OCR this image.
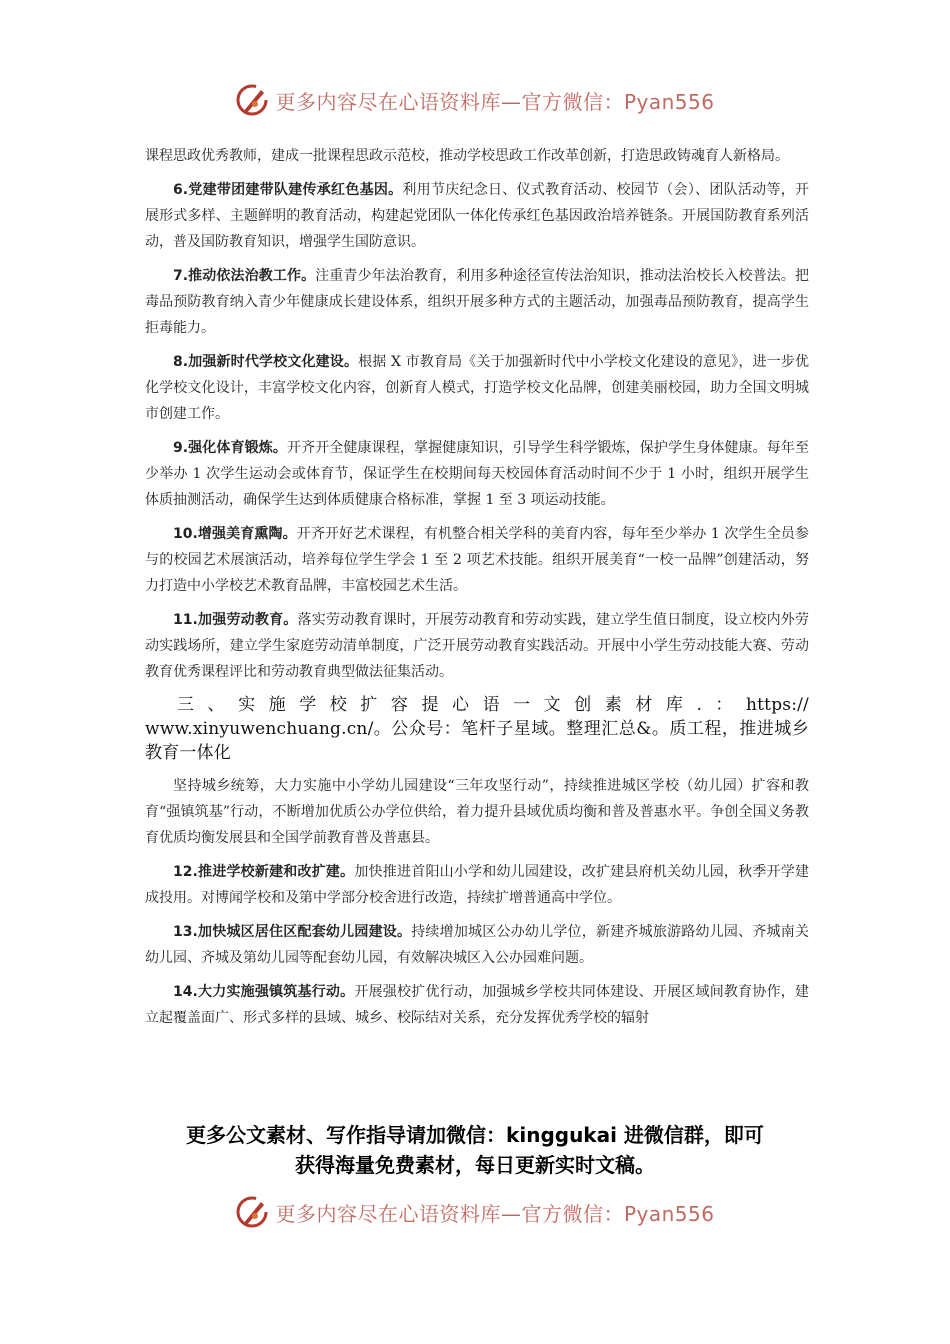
更多内容尽在心语资料库—官方微信：Pyan556

课程思政优秀教师，建成一批课程思政示范校，推动学校思政工作改革创新，打造思政铸魂育人新格局。

6.党建带团建带队建传承红色基因。利用节庆纪念日、仪式教育活动、校园节（会）、团队活动等，开展形式多样、主题鲜明的教育活动，构建起党团队一体化传承红色基因政治培养链条。开展国防教育系列活动，普及国防教育知识，增强学生国防意识。

7.推动依法治教工作。注重青少年法治教育，利用多种途径宣传法治知识，推动法治校长入校普法。把毒品预防教育纳入青少年健康成长建设体系，组织开展多种方式的主题活动，加强毒品预防教育，提高学生拒毒能力。

8.加强新时代学校文化建设。根据 X 市教育局《关于加强新时代中小学校文化建设的意见》，进一步优化学校文化设计，丰富学校文化内容，创新育人模式，打造学校文化品牌，创建美丽校园，助力全国文明城市创建工作。

9.强化体育锻炼。开齐开全健康课程，掌握健康知识，引导学生科学锻炼，保护学生身体健康。每年至少举办 1 次学生运动会或体育节，保证学生在校期间每天校园体育活动时间不少于 1 小时，组织开展学生体质抽测活动，确保学生达到体质健康合格标准，掌握 1 至 3 项运动技能。

10.增强美育熏陶。开齐开好艺术课程，有机整合相关学科的美育内容，每年至少举办 1 次学生全员参与的校园艺术展演活动，培养每位学生学会 1 至 2 项艺术技能。组织开展美育“一校一品牌”创建活动，努力打造中小学校艺术教育品牌，丰富校园艺术生活。

11.加强劳动教育。落实劳动教育课时，开展劳动教育和劳动实践，建立学生值日制度，设立校内外劳动实践场所，建立学生家庭劳动清单制度，广泛开展劳动教育实践活动。开展中小学生劳动技能大赛、劳动教育优秀课程评比和劳动教育典型做法征集活动。

三、实施学校扩容提心语一文创素材库.：https:// www.xinyuwenchuang.cn/。公众号：笔杆子星域。整理汇总&。质工程，推进城乡教育一体化

坚持城乡统筹，大力实施中小学幼儿园建设“三年攻坚行动”，持续推进城区学校（幼儿园）扩容和教育“强镇筑基”行动，不断增加优质公办学位供给，着力提升县域优质均衡和普及普惠水平。争创全国义务教育优质均衡发展县和全国学前教育普及普惠县。

12.推进学校新建和改扩建。加快推进首阳山小学和幼儿园建设，改扩建县府机关幼儿园，秋季开学建成投用。对博闻学校和及第中学部分校舍进行改造，持续扩增普通高中学位。

13.加快城区居住区配套幼儿园建设。持续增加城区公办幼儿学位，新建齐城旅游路幼儿园、齐城南关幼儿园、齐城及第幼儿园等配套幼儿园，有效解决城区入公办园难问题。

14.大力实施强镇筑基行动。开展强校扩优行动，加强城乡学校共同体建设、开展区域间教育协作，建立起覆盖面广、形式多样的县域、城乡、校际结对关系，充分发挥优秀学校的辐射

更多公文素材、写作指导请加微信：kinggukai 进微信群，即可
获得海量免费素材，每日更新实时文稿。
更多内容尽在心语资料库—官方微信：Pyan556
